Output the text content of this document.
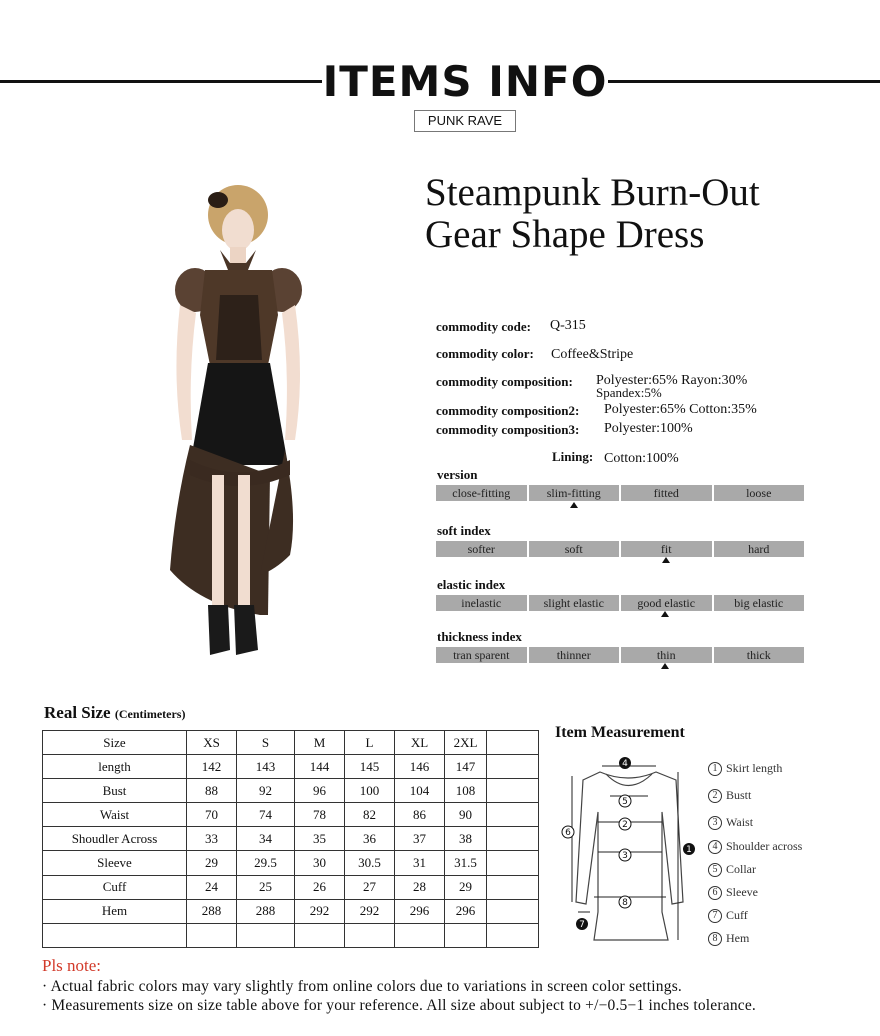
ITEMS INFO
PUNK RAVE
Steampunk Burn-Out
Gear Shape Dress
commodity code: Q-315
commodity color: Coffee&Stripe
commodity composition: Polyester:65% Rayon:30%
Spandex:5%
commodity composition2: Polyester:65% Cotton:35%
commodity composition3: Polyester:100%
Lining: Cotton:100%
version
close-fitting	slim-fitting	fitted	loose
soft index
softer	soft	fit	hard
elastic index
inelastic	slight elastic	good elastic	big elastic
thickness index
tran sparent	thinner	thin	thick
Real Size (Centimeters)
Size	XS	S	M	L	XL	2XL	
length	142	143	144	145	146	147	
Bust	88	92	96	100	104	108	
Waist	70	74	78	82	86	90	
Shoudler Across	33	34	35	36	37	38	
Sleeve	29	29.5	30	30.5	31	31.5	
Cuff	24	25	26	27	28	29	
Hem	288	288	292	292	296	296	

Item Measurement
4
5
2
3
8
6
1
7
1 Skirt length
2 Bustt
3 Waist
4 Shoulder across
5 Collar
6 Sleeve
7 Cuff
8 Hem
Pls note:
· Actual fabric colors may vary slightly from online colors due to variations in screen color settings.
· Measurements size on size table above for your reference. All size about subject to +/−0.5−1 inches tolerance.
